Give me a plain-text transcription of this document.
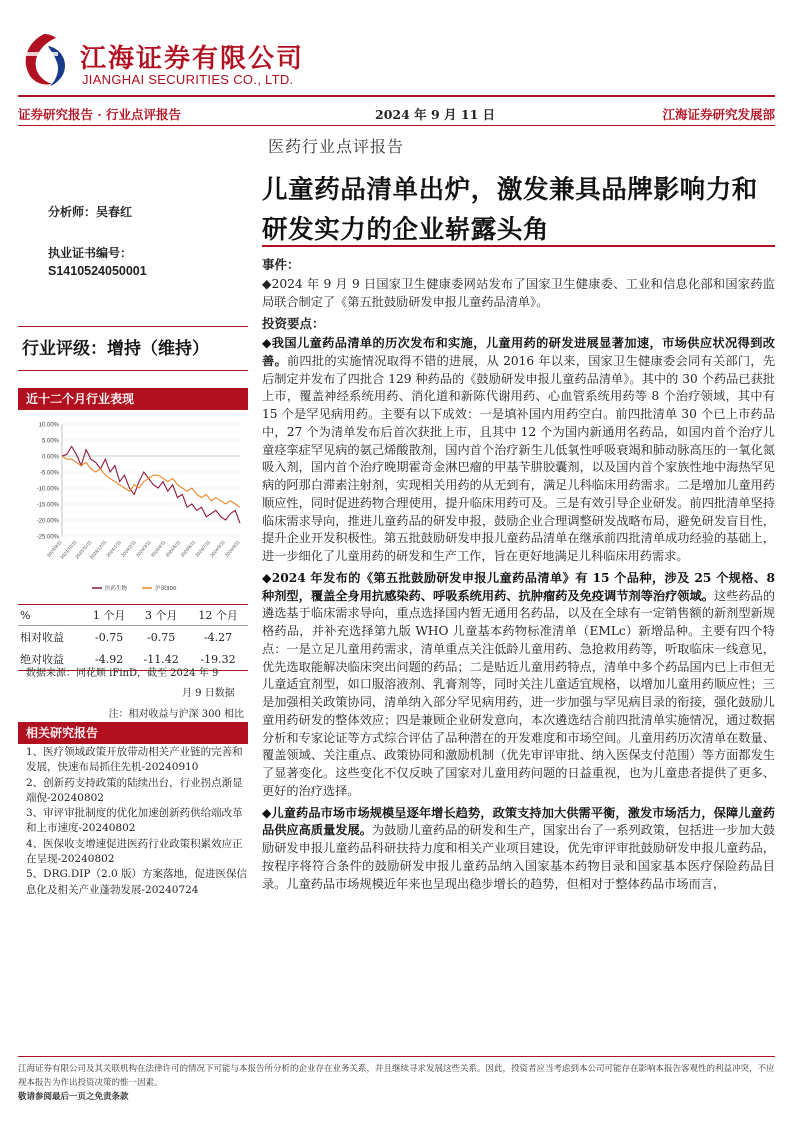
江海证券有限公司
JIANGHAI SECURITIES CO., LTD.
证券研究报告 · 行业点评报告	2024 年 9 月 11 日	江海证券研究发展部
医药行业点评报告
儿童药品清单出炉，激发兼具品牌影响力和研发实力的企业崭露头角
分析师：吴春红
执业证书编号：
S1410524050001
行业评级：增持（维持）
近十二个月行业表现
10.00%
5.00%
0.00%
-5.00%
-10.00%
-15.00%
-20.00%
-25.00%
2023/9/11
2023/10/11
2023/11/11
2023/12/11
2024/1/11
2024/2/11
2024/3/11
2024/4/11
2024/5/11
2024/6/11
2024/7/11
2024/8/11
2024/9/11
医药生物	沪深300
%	1 个月	3 个月	12 个月
相对收益	-0.75	-0.75	-4.27
绝对收益	-4.92	-11.42	-19.32
数据来源：同花顺 iFinD，截至 2024 年 9
月 9 日数据
注：相对收益与沪深 300 相比
相关研究报告
1、医疗领域政策开放带动相关产业链的完善和发展，快速布局抓住先机-20240910
2、创新药支持政策的陆续出台，行业拐点渐显端倪-20240802
3、审评审批制度的优化加速创新药供给端改革和上市速度-20240802
4、医保收支增速促进医药行业政策积累效应正在呈现-20240802
5、DRG.DIP（2.0 版）方案落地，促进医保信息化及相关产业蓬勃发展-20240724
事件：

◆2024 年 9 月 9 日国家卫生健康委网站发布了国家卫生健康委、工业和信息化部和国家药监局联合制定了《第五批鼓励研发申报儿童药品清单》。

投资要点：

◆我国儿童药品清单的历次发布和实施，儿童用药的研发进展显著加速，市场供应状况得到改善。前四批的实施情况取得不错的进展，从 2016 年以来，国家卫生健康委会同有关部门，先后制定并发布了四批合 129 种药品的《鼓励研发申报儿童药品清单》。其中的 30 个药品已获批上市，覆盖神经系统用药、消化道和新陈代谢用药、心血管系统用药等 8 个治疗领域，其中有 15 个是罕见病用药。主要有以下成效：一是填补国内用药空白。前四批清单 30 个已上市药品中，27 个为清单发布后首次获批上市，且其中 12 个为国内新通用名药品，如国内首个治疗儿童痉挛症罕见病的氨己烯酸散剂，国内首个治疗新生儿低氧性呼吸衰竭和肺动脉高压的一氧化氮吸入剂，国内首个治疗晚期霍奇金淋巴瘤的甲基苄肼胶囊剂，以及国内首个家族性地中海热罕见病的阿那白滞素注射剂，实现相关用药的从无到有，满足儿科临床用药需求。二是增加儿童用药顺应性，同时促进药物合理使用，提升临床用药可及。三是有效引导企业研发。前四批清单坚持临床需求导向，推进儿童药品的研发申报，鼓励企业合理调整研发战略布局，避免研发盲目性，提升企业开发积极性。第五批鼓励研发申报儿童药品清单在继承前四批清单成功经验的基础上，进一步细化了儿童用药的研发和生产工作，旨在更好地满足儿科临床用药需求。

◆2024 年发布的《第五批鼓励研发申报儿童药品清单》有 15 个品种，涉及 25 个规格、8 种剂型，覆盖全身用抗感染药、呼吸系统用药、抗肿瘤药及免疫调节剂等治疗领域。这些药品的遴选基于临床需求导向，重点选择国内暂无通用名药品，以及在全球有一定销售额的新剂型新规格药品，并补充选择第九版 WHO 儿童基本药物标准清单（EMLc）新增品种。主要有四个特点：一是立足儿童用药需求，清单重点关注低龄儿童用药、急抢救用药等，听取临床一线意见，优先选取能解决临床突出问题的药品；二是贴近儿童用药特点，清单中多个药品国内已上市但无儿童适宜剂型，如口服溶液剂、乳膏剂等，同时关注儿童适宜规格，以增加儿童用药顺应性；三是加强相关政策协同，清单纳入部分罕见病用药，进一步加强与罕见病目录的衔接，强化鼓励儿童用药研发的整体效应；四是兼顾企业研发意向，本次遴选结合前四批清单实施情况，通过数据分析和专家论证等方式综合评估了品种潜在的开发难度和市场空间。儿童用药历次清单在数量、覆盖领域、关注重点、政策协同和激励机制（优先审评审批、纳入医保支付范围）等方面都发生了显著变化。这些变化不仅反映了国家对儿童用药问题的日益重视，也为儿童患者提供了更多、更好的治疗选择。

◆儿童药品市场市场规模呈逐年增长趋势，政策支持加大供需平衡，激发市场活力，保障儿童药品供应高质量发展。为鼓励儿童药品的研发和生产，国家出台了一系列政策，包括进一步加大鼓励研发申报儿童药品科研扶持力度和相关产业项目建设，优先审评审批鼓励研发申报儿童药品，按程序将符合条件的鼓励研发申报儿童药品纳入国家基本药物目录和国家基本医疗保险药品目录。儿童药品市场规模近年来也呈现出稳步增长的趋势，但相对于整体药品市场而言，

江海证券有限公司及其关联机构在法律许可的情况下可能与本报告所分析的企业存在业务关系，并且继续寻求发展这些关系。因此，投资者应当考虑到本公司可能存在影响本报告客观性的利益冲突，不应视本报告为作出投资决策的惟一因素。
敬请参阅最后一页之免责条款
